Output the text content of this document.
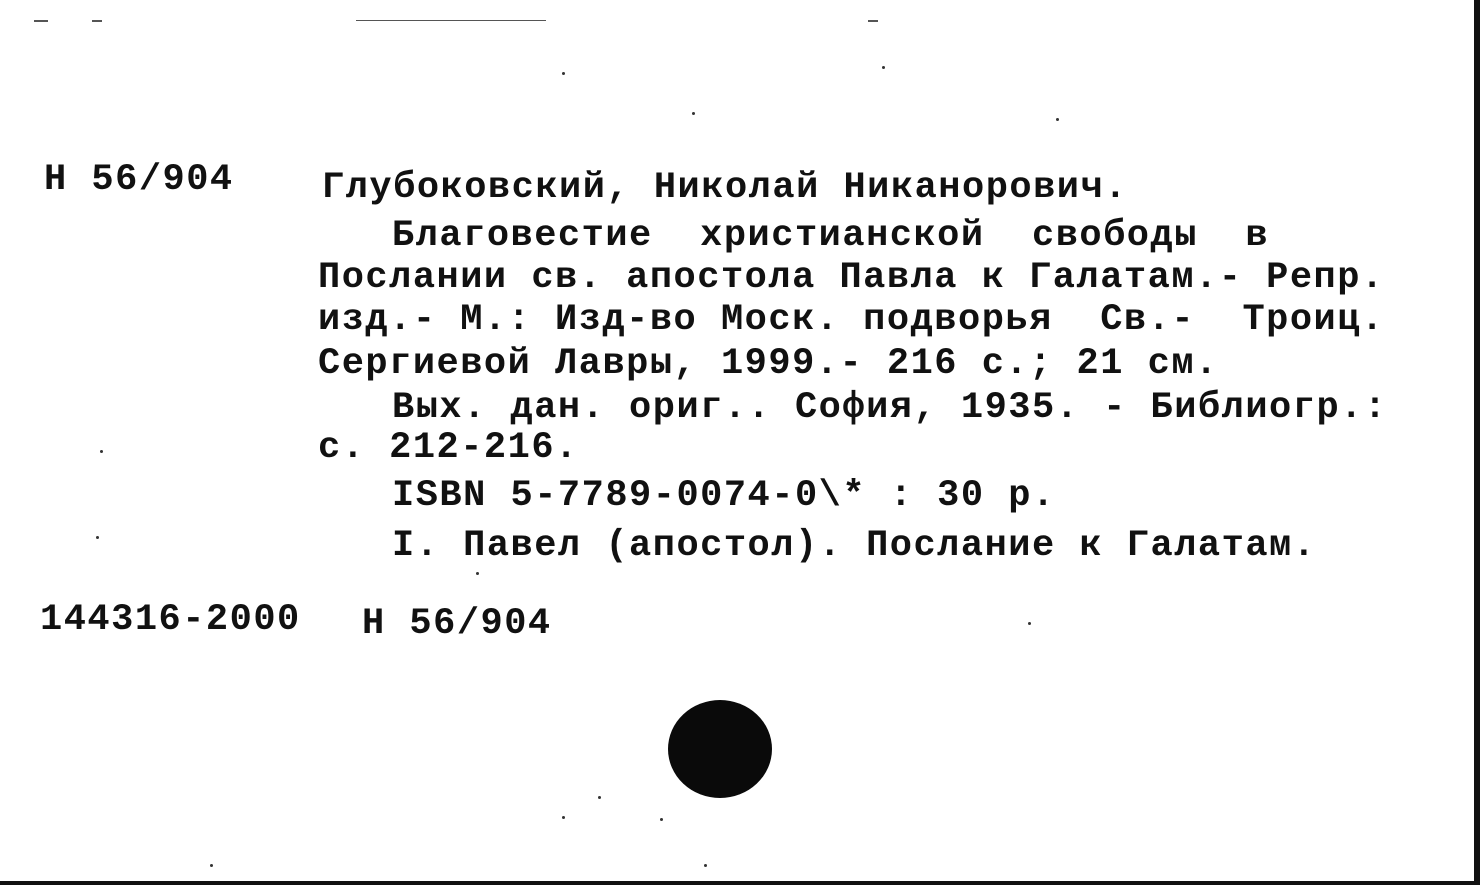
Н 56/904 Глубоковский, Николай Никанорович.
Благовестие  христианской  свободы  в
Послании св. апостола Павла к Галатам.- Репр.
изд.- М.: Изд-во Моск. подворья  Св.-  Троиц.
Сергиевой Лавры, 1999.- 216 с.; 21 см.
Вых. дан. ориг.. София, 1935. - Библиогр.:
с. 212-216.
ISBN 5-7789-0074-0\* : 30 р.
I. Павел (апостол). Послание к Галатам.
144316-2000 Н 56/904
